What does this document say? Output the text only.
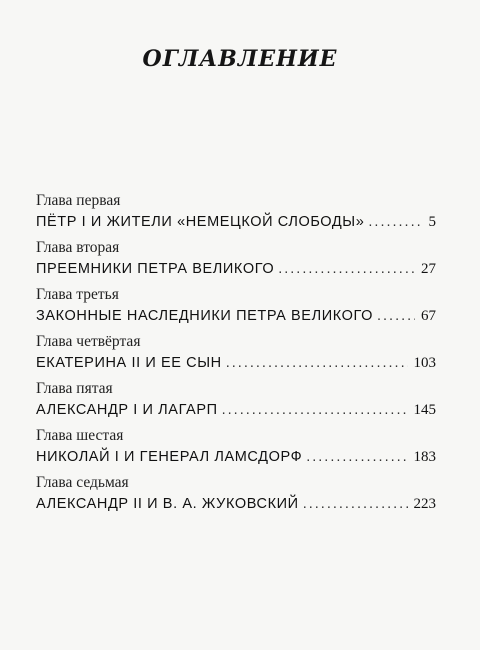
ОГЛАВЛЕНИЕ
Глава первая
ПЁТР I И ЖИТЕЛИ «НЕМЕЦКОЙ СЛОБОДЫ» .....	5
Глава вторая
ПРЕЕМНИКИ ПЕТРА ВЕЛИКОГО .....	27
Глава третья
ЗАКОННЫЕ НАСЛЕДНИКИ ПЕТРА ВЕЛИКОГО .....	67
Глава четвёртая
ЕКАТЕРИНА II И ЕЕ СЫН .....	103
Глава пятая
АЛЕКСАНДР I И ЛАГАРП .....	145
Глава шестая
НИКОЛАЙ I И ГЕНЕРАЛ ЛАМСДОРФ .....	183
Глава седьмая
АЛЕКСАНДР II И В. А. ЖУКОВСКИЙ .....	223
